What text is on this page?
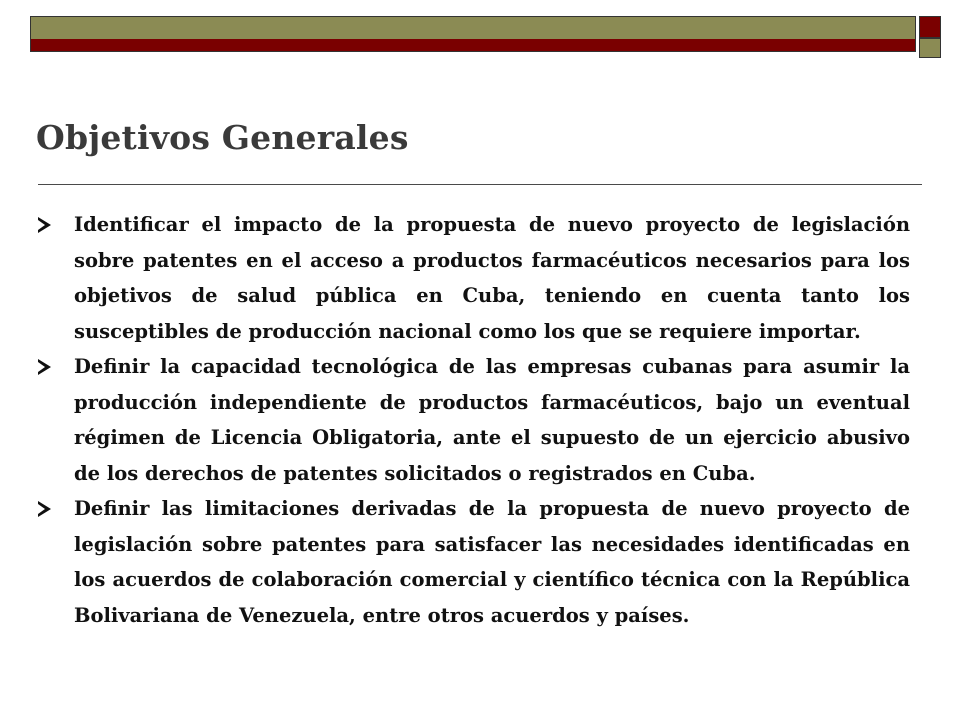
Objetivos Generales
Identificar el impacto de la propuesta de nuevo proyecto de legislación sobre patentes en el acceso a productos farmacéuticos necesarios para los objetivos de salud pública en Cuba, teniendo en cuenta tanto los susceptibles de producción nacional como los que se requiere importar.
Definir la capacidad tecnológica de las empresas cubanas para asumir la producción independiente de productos farmacéuticos, bajo un eventual régimen de Licencia Obligatoria, ante el supuesto de un ejercicio abusivo de los derechos de patentes solicitados o registrados en Cuba.
Definir las limitaciones derivadas de la propuesta de nuevo proyecto de legislación sobre patentes para satisfacer las necesidades identificadas en los acuerdos de colaboración comercial y científico técnica con la República Bolivariana de Venezuela, entre otros acuerdos y países.
